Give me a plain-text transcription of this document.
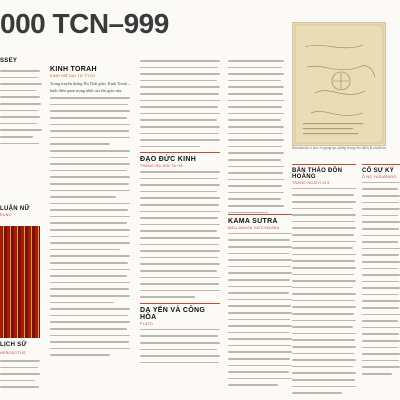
000 TCN–999
SSEY
LỊCH SỬ
HERODOTUS
LUẬN NỮ
RUNO
KINH TORAH
KINH HIỆ DÁI TỪ TTCH
Trong truyền thống Do Thái giáo, Kinh Torah – kinh điển quan trọng nhất của tôn giáo này.
ĐẠO ĐỨC KINH
TRANG MA MIN TA HÀ
DẠ YẾN VÀ CÔNG HÒA
PLATO
KAMA SUTRA
MALLANAGA VATSYAYANA
Aminimeda et sine it ngạng qu, tương trong cho thiên kì anaheim
BẢN THẢO ĐỒN HOÀNG
TRANG NGATH 613
CỔ SỰ KÝ
Ô NO YASUMARO
